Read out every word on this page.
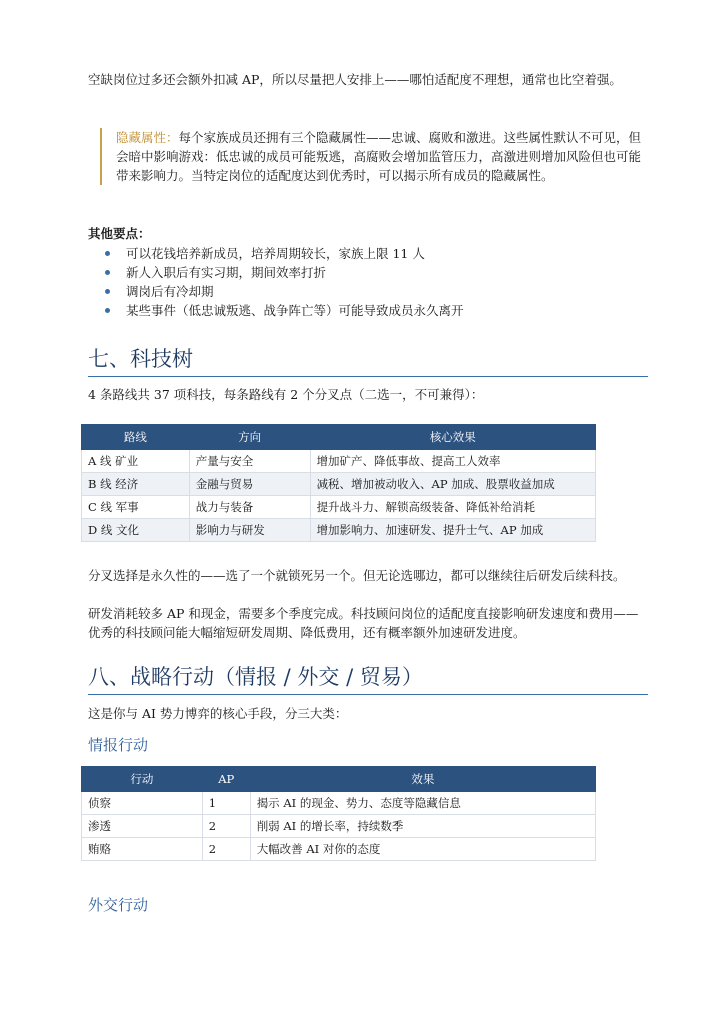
空缺岗位过多还会额外扣减 AP，所以尽量把人安排上——哪怕适配度不理想，通常也比空着强。

隐藏属性：每个家族成员还拥有三个隐藏属性——忠诚、腐败和激进。这些属性默认不可见，但会暗中影响游戏：低忠诚的成员可能叛逃，高腐败会增加监管压力，高激进则增加风险但也可能带来影响力。当特定岗位的适配度达到优秀时，可以揭示所有成员的隐藏属性。

其他要点：

可以花钱培养新成员，培养周期较长，家族上限 11 人
新人入职后有实习期，期间效率打折
调岗后有冷却期
某些事件（低忠诚叛逃、战争阵亡等）可能导致成员永久离开
七、科技树

4 条路线共 37 项科技，每条路线有 2 个分叉点（二选一，不可兼得）：

路线	方向	核心效果
A 线 矿业	产量与安全	增加矿产、降低事故、提高工人效率
B 线 经济	金融与贸易	减税、增加被动收入、AP 加成、股票收益加成
C 线 军事	战力与装备	提升战斗力、解锁高级装备、降低补给消耗
D 线 文化	影响力与研发	增加影响力、加速研发、提升士气、AP 加成

分叉选择是永久性的——选了一个就锁死另一个。但无论选哪边，都可以继续往后研发后续科技。

研发消耗较多 AP 和现金，需要多个季度完成。科技顾问岗位的适配度直接影响研发速度和费用——优秀的科技顾问能大幅缩短研发周期、降低费用，还有概率额外加速研发进度。

八、战略行动（情报 / 外交 / 贸易）

这是你与 AI 势力博弈的核心手段，分三大类：

情报行动
行动	AP	效果
侦察	1	揭示 AI 的现金、势力、态度等隐藏信息
渗透	2	削弱 AI 的增长率，持续数季
贿赂	2	大幅改善 AI 对你的态度
外交行动
